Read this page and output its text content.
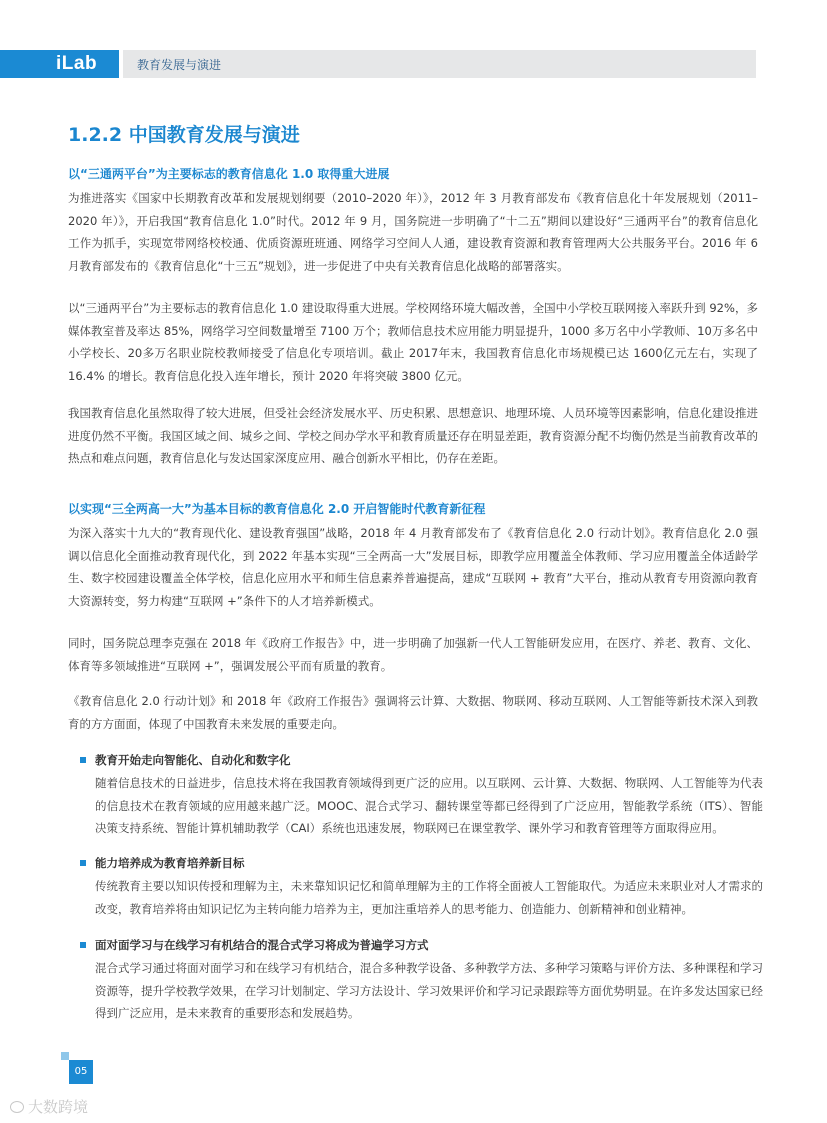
iLab	教育发展与演进
1.2.2 中国教育发展与演进
以“三通两平台”为主要标志的教育信息化 1.0 取得重大进展

为推进落实《国家中长期教育改革和发展规划纲要（2010–2020 年）》，2012 年 3 月教育部发布《教育信息化十年发展规划（2011–2020 年）》，开启我国“教育信息化 1.0”时代。2012 年 9 月，国务院进一步明确了“十二五”期间以建设好“三通两平台”的教育信息化工作为抓手，实现宽带网络校校通、优质资源班班通、网络学习空间人人通，建设教育资源和教育管理两大公共服务平台。2016 年 6 月教育部发布的《教育信息化“十三五”规划》，进一步促进了中央有关教育信息化战略的部署落实。

以“三通两平台”为主要标志的教育信息化 1.0 建设取得重大进展。学校网络环境大幅改善，全国中小学校互联网接入率跃升到 92%，多媒体教室普及率达 85%，网络学习空间数量增至 7100 万个；教师信息技术应用能力明显提升，1000 多万名中小学教师、10万多名中小学校长、20多万名职业院校教师接受了信息化专项培训。截止 2017年末，我国教育信息化市场规模已达 1600亿元左右，实现了 16.4% 的增长。教育信息化投入连年增长，预计 2020 年将突破 3800 亿元。

我国教育信息化虽然取得了较大进展，但受社会经济发展水平、历史积累、思想意识、地理环境、人员环境等因素影响，信息化建设推进进度仍然不平衡。我国区域之间、城乡之间、学校之间办学水平和教育质量还存在明显差距，教育资源分配不均衡仍然是当前教育改革的热点和难点问题，教育信息化与发达国家深度应用、融合创新水平相比，仍存在差距。

以实现“三全两高一大”为基本目标的教育信息化 2.0 开启智能时代教育新征程

为深入落实十九大的“教育现代化、建设教育强国”战略，2018 年 4 月教育部发布了《教育信息化 2.0 行动计划》。教育信息化 2.0 强调以信息化全面推动教育现代化，到 2022 年基本实现“三全两高一大”发展目标，即教学应用覆盖全体教师、学习应用覆盖全体适龄学生、数字校园建设覆盖全体学校，信息化应用水平和师生信息素养普遍提高，建成“互联网 + 教育”大平台，推动从教育专用资源向教育大资源转变，努力构建“互联网 +”条件下的人才培养新模式。

同时，国务院总理李克强在 2018 年《政府工作报告》中，进一步明确了加强新一代人工智能研发应用，在医疗、养老、教育、文化、体育等多领域推进“互联网 +”，强调发展公平而有质量的教育。

《教育信息化 2.0 行动计划》和 2018 年《政府工作报告》强调将云计算、大数据、物联网、移动互联网、人工智能等新技术深入到教育的方方面面，体现了中国教育未来发展的重要走向。

教育开始走向智能化、自动化和数字化

随着信息技术的日益进步，信息技术将在我国教育领域得到更广泛的应用。以互联网、云计算、大数据、物联网、人工智能等为代表的信息技术在教育领域的应用越来越广泛。MOOC、混合式学习、翻转课堂等都已经得到了广泛应用，智能教学系统（ITS）、智能决策支持系统、智能计算机辅助教学（CAI）系统也迅速发展，物联网已在课堂教学、课外学习和教育管理等方面取得应用。

能力培养成为教育培养新目标

传统教育主要以知识传授和理解为主，未来靠知识记忆和简单理解为主的工作将全面被人工智能取代。为适应未来职业对人才需求的改变，教育培养将由知识记忆为主转向能力培养为主，更加注重培养人的思考能力、创造能力、创新精神和创业精神。

面对面学习与在线学习有机结合的混合式学习将成为普遍学习方式

混合式学习通过将面对面学习和在线学习有机结合，混合多种教学设备、多种教学方法、多种学习策略与评价方法、多种课程和学习资源等，提升学校教学效果，在学习计划制定、学习方法设计、学习效果评价和学习记录跟踪等方面优势明显。在许多发达国家已经得到广泛应用，是未来教育的重要形态和发展趋势。

05
大数跨境
